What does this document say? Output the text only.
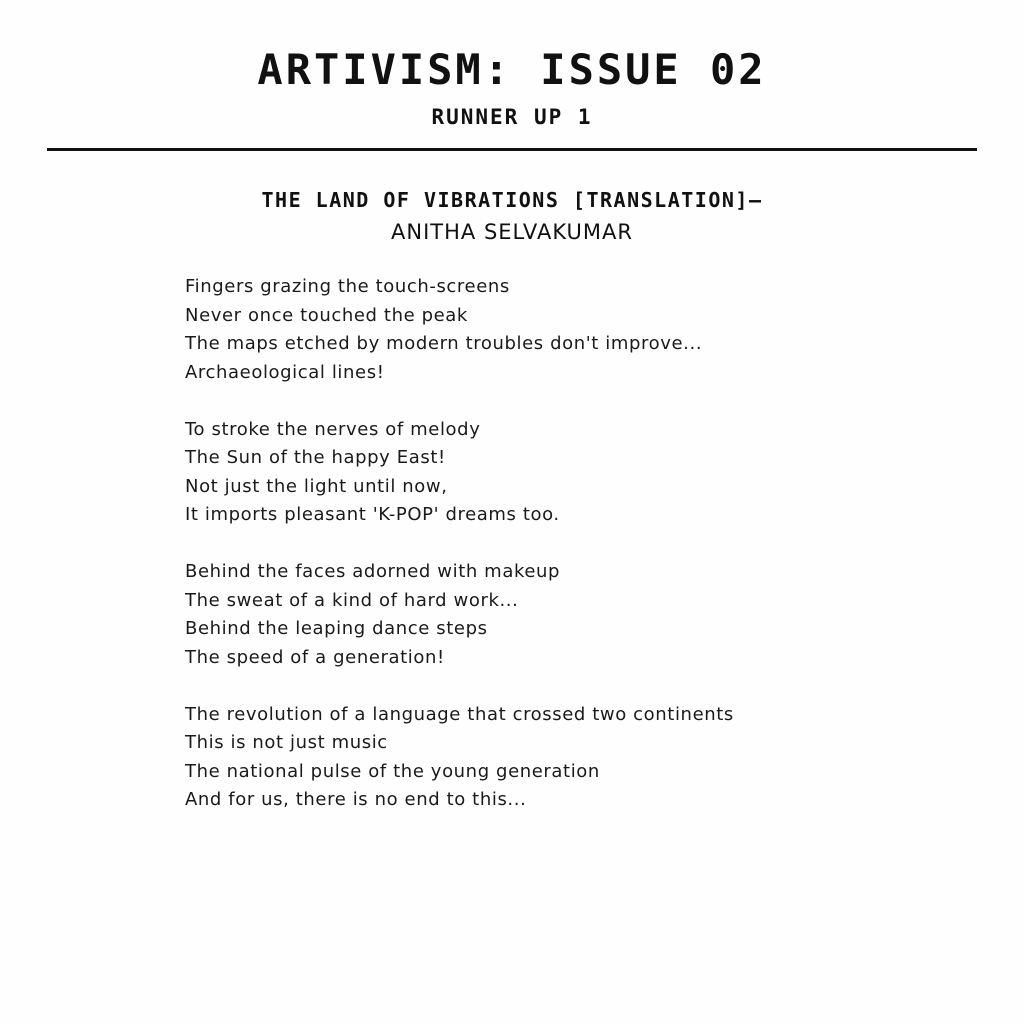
ARTIVISM: ISSUE 02
RUNNER UP 1
THE LAND OF VIBRATIONS [TRANSLATION]—
ANITHA SELVAKUMAR
Fingers grazing the touch-screens
Never once touched the peak
The maps etched by modern troubles don't improve...
Archaeological lines!
To stroke the nerves of melody
The Sun of the happy East!
Not just the light until now,
It imports pleasant 'K-POP' dreams too.
Behind the faces adorned with makeup
The sweat of a kind of hard work...
Behind the leaping dance steps
The speed of a generation!
The revolution of a language that crossed two continents
This is not just music
The national pulse of the young generation
And for us, there is no end to this...
